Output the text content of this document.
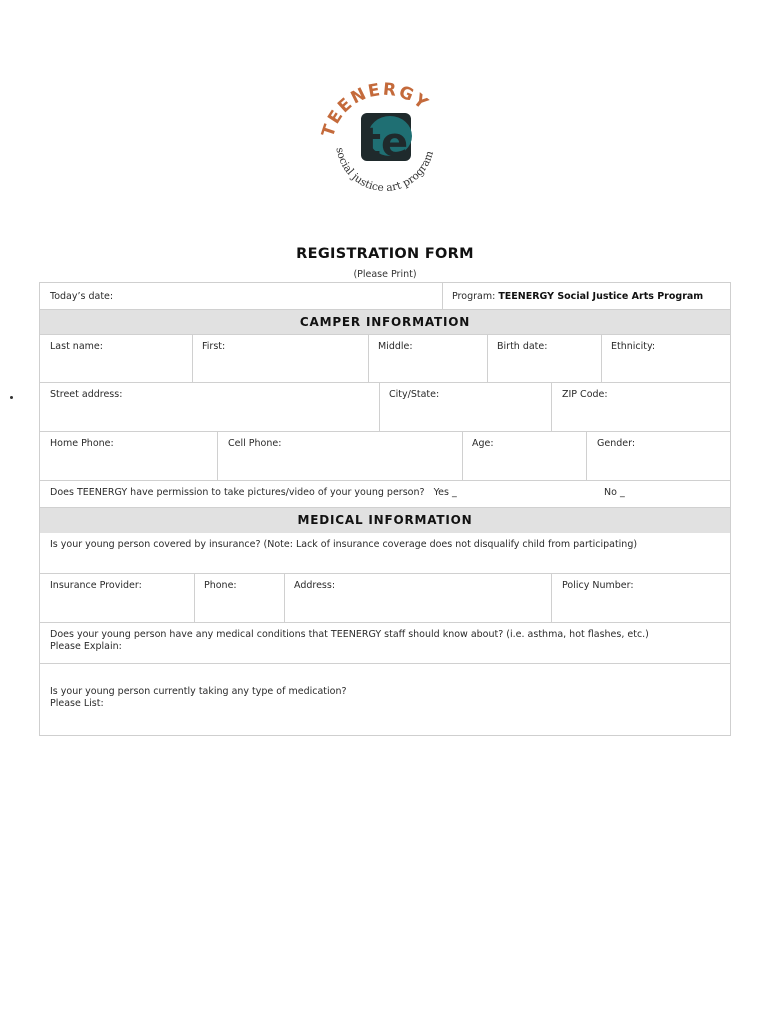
TEENERGY
te
social justice art program
REGISTRATION FORM
(Please Print)
Today’s date:	Program: TEENERGY Social Justice Arts Program
CAMPER INFORMATION
Last name:	First:	Middle:	Birth date:	Ethnicity:
Street address:	City/State:	ZIP Code:
Home Phone:	Cell Phone:	Age:	Gender:
Does TEENERGY have permission to take pictures/video of your young person? Yes _	No _
MEDICAL INFORMATION
Is your young person covered by insurance? (Note: Lack of insurance coverage does not disqualify child from participating)
Insurance Provider:	Phone:	Address:	Policy Number:
Does your young person have any medical conditions that TEENERGY staff should know about? (i.e. asthma, hot flashes, etc.)
Please Explain:
Is your young person currently taking any type of medication?
Please List:
